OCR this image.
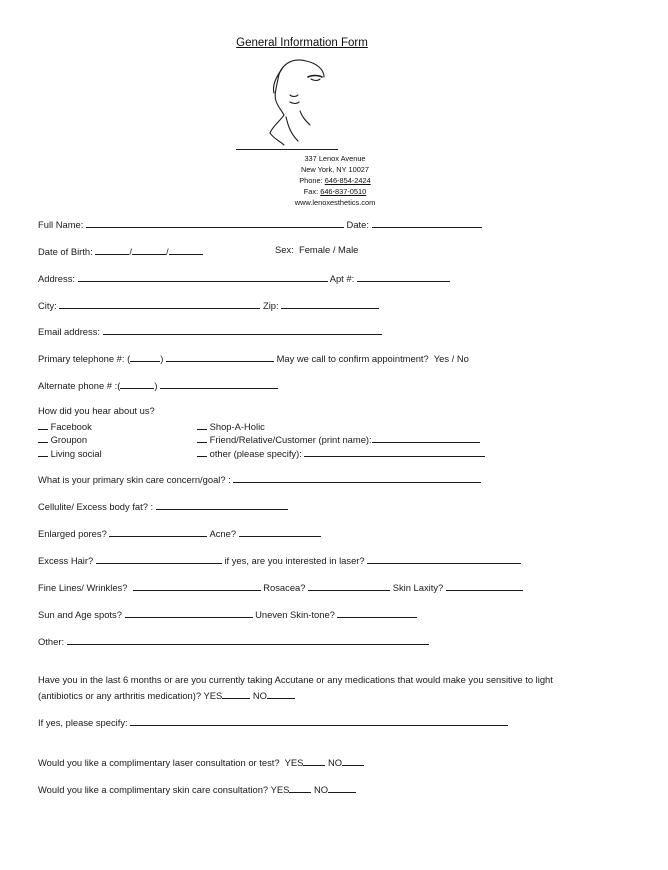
General Information Form
337 Lenox Avenue
New York, NY 10027
Phone: 646-854-2424
Fax: 646-837-0510
www.lenoxesthetics.com
Full Name:	Date:
Date of Birth:	/	/	Sex:  Female / Male
Address:	Apt #:
City:	Zip:
Email address:
Primary telephone #: (	)	May we call to confirm appointment?  Yes / No
Alternate phone # :(	)
How did you hear about us?
Facebook
Groupon
Living social
Shop-A-Holic
Friend/Relative/Customer (print name):
other (please specify):
What is your primary skin care concern/goal? :
Cellulite/ Excess body fat? :
Enlarged pores?	Acne?
Excess Hair?	if yes, are you interested in laser?
Fine Lines/ Wrinkles?	Rosacea?	Skin Laxity?
Sun and Age spots?	Uneven Skin-tone?
Other:
Have you in the last 6 months or are you currently taking Accutane or any medications that would make you sensitive to light
(antibiotics or any arthritis medication)? YES	NO
If yes, please specify:
Would you like a complimentary laser consultation or test?  YES NO
Would you like a complimentary skin care consultation? YES NO
